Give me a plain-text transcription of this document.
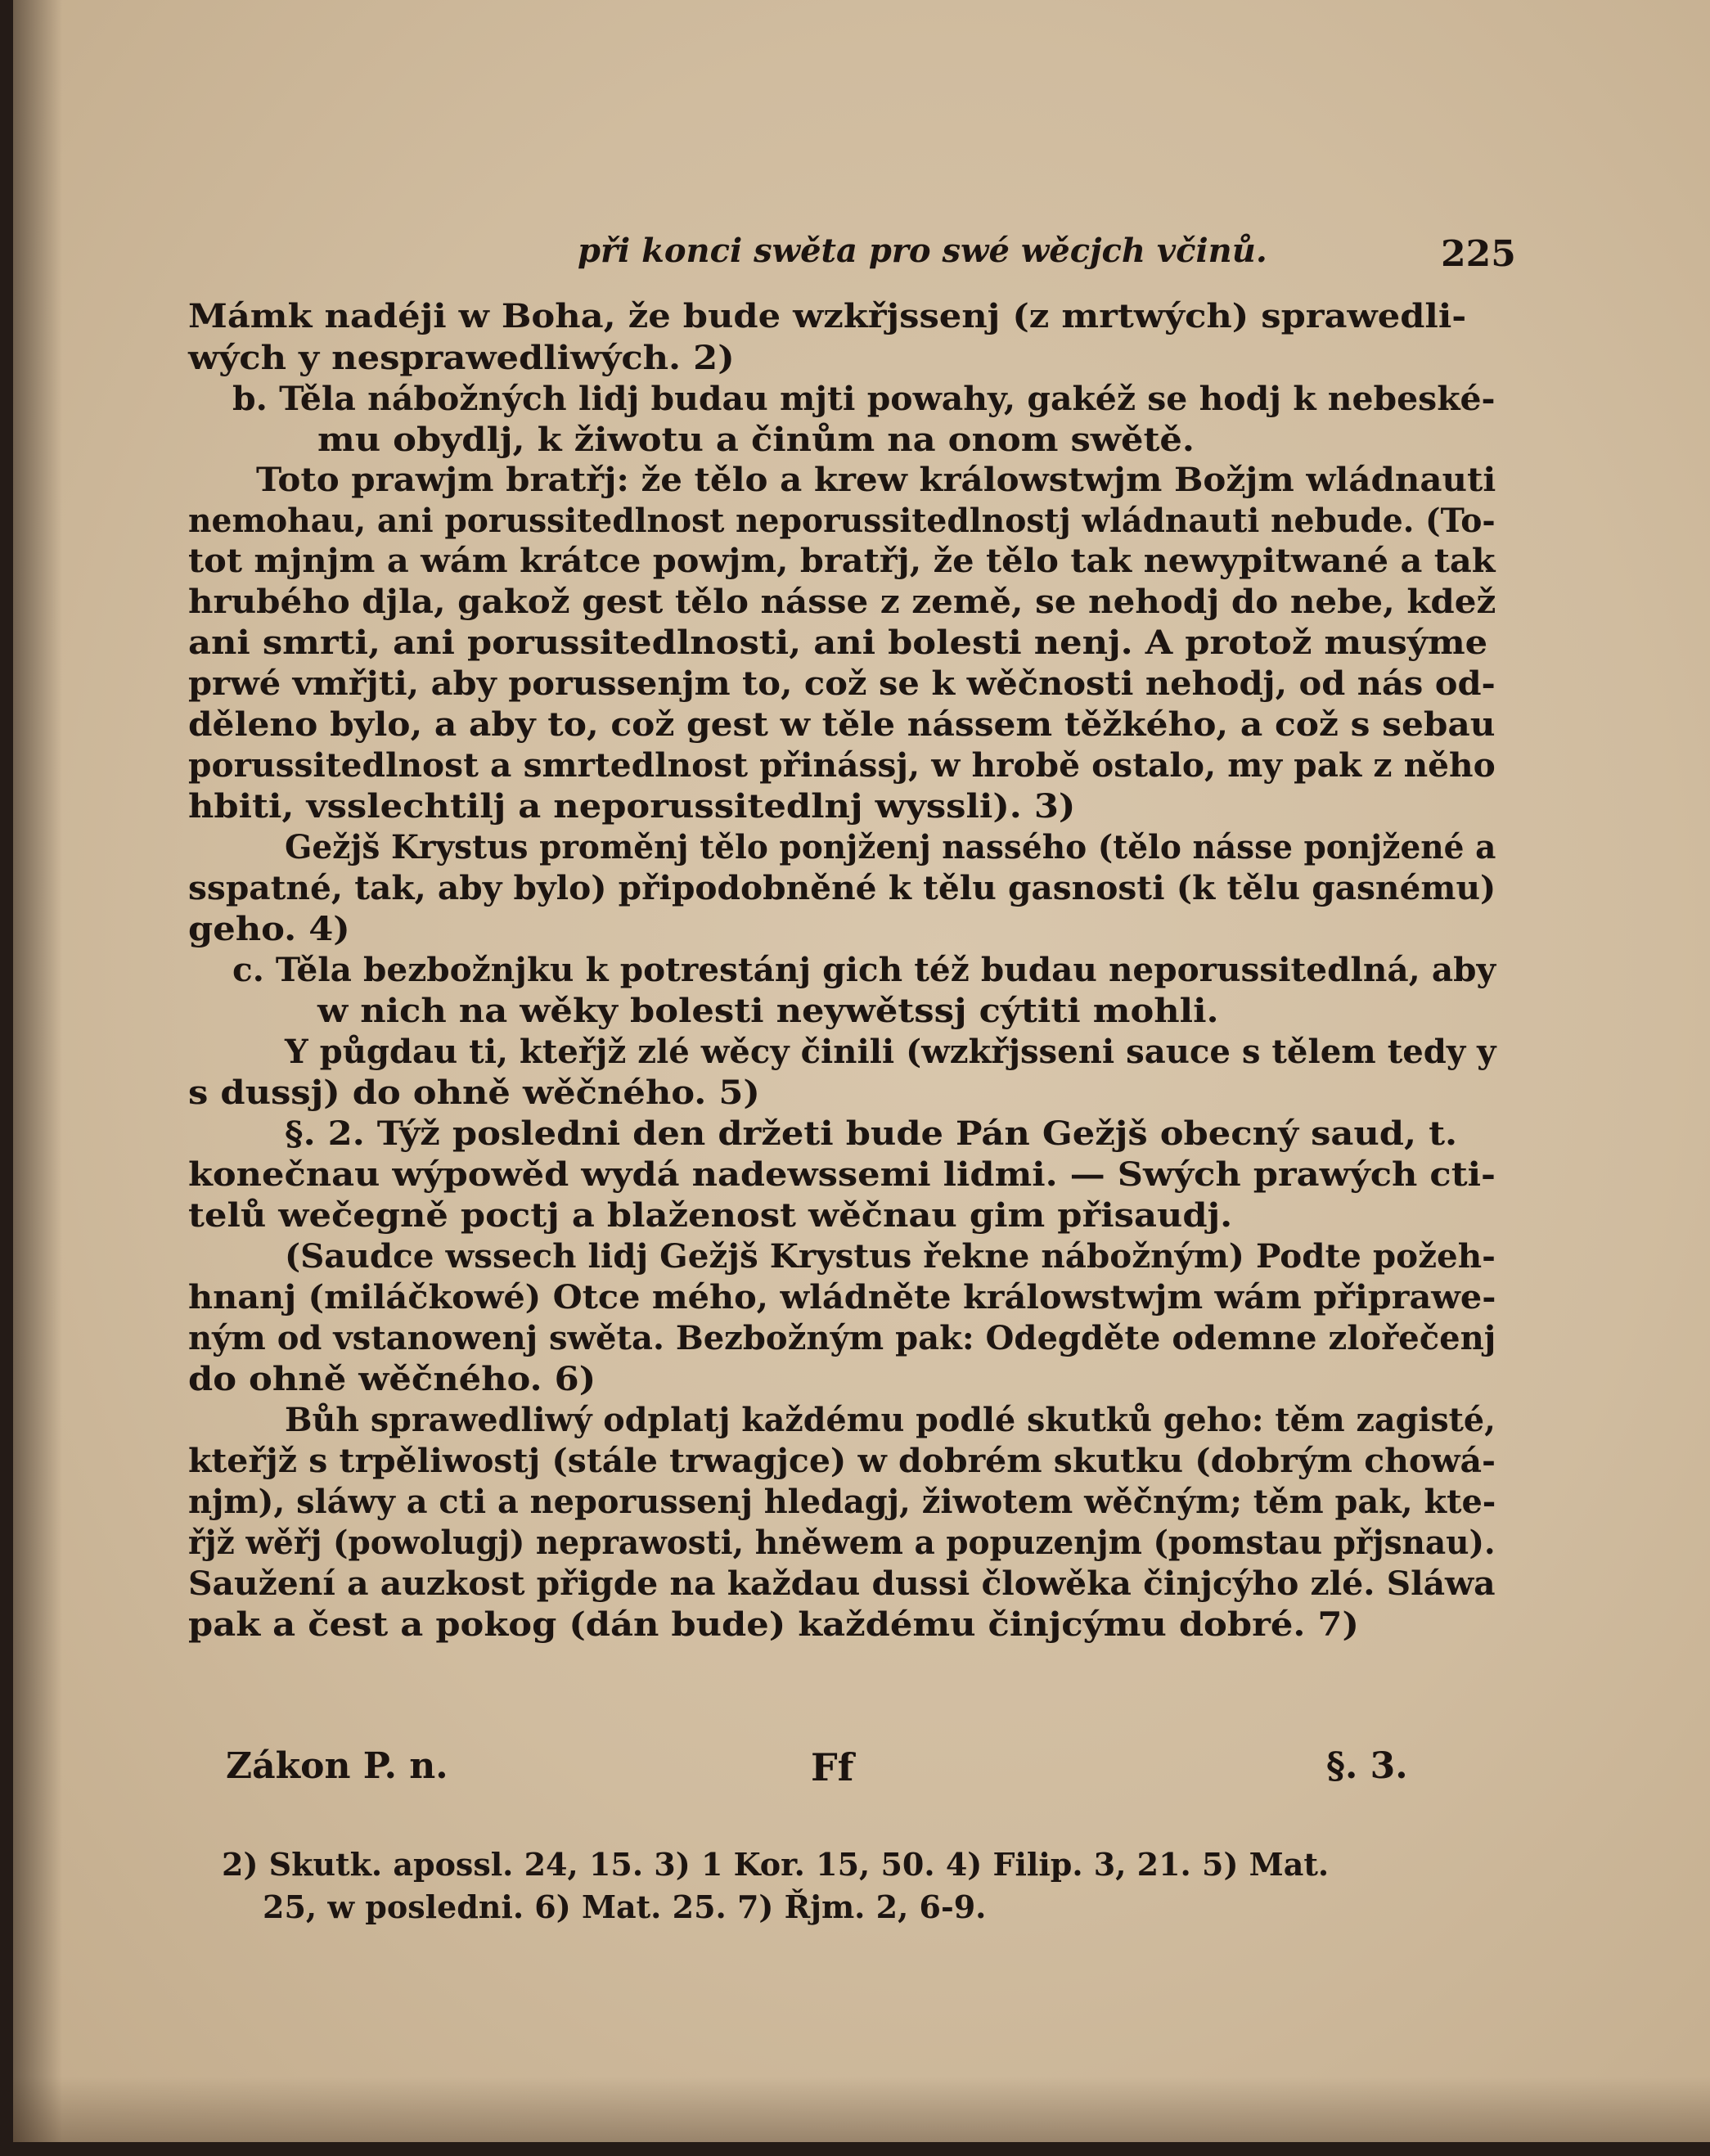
při konci swěta pro swé wěcjch včinů.	225

Mámk nadéji w Boha, že bude wzkřjssenj (z mrtwých) sprawedli-
wých y nesprawedliwých. 2)
b. Těla nábožných lidj budau mjti powahy, gakéž se hodj k nebeské-
mu obydlj, k žiwotu a činům na onom swětě.
Toto prawjm bratřj: že tělo a krew králowstwjm Božjm wládnauti
nemohau, ani porussitedlnost neporussitedlnostj wládnauti nebude. (To-
tot mjnjm a wám krátce powjm, bratřj, že tělo tak newypitwané a tak
hrubého djla, gakož gest tělo násse z země, se nehodj do nebe, kdež
ani smrti, ani porussitedlnosti, ani bolesti nenj. A protož musýme
prwé vmřjti, aby porussenjm to, což se k wěčnosti nehodj, od nás od-
děleno bylo, a aby to, což gest w těle nássem těžkého, a což s sebau
porussitedlnost a smrtedlnost přinássj, w hrobě ostalo, my pak z něho
hbiti, vsslechtilj a neporussitedlnj wyssli). 3)
Gežjš Krystus proměnj tělo ponjženj nassého (tělo násse ponjžené a
sspatné, tak, aby bylo) připodobněné k tělu gasnosti (k tělu gasnému)
geho. 4)
c. Těla bezbožnjku k potrestánj gich též budau neporussitedlná, aby
w nich na wěky bolesti neywětssj cýtiti mohli.
Y půgdau ti, kteřjž zlé wěcy činili (wzkřjsseni sauce s tělem tedy y
s dussj) do ohně wěčného. 5)
§. 2. Týž posledni den držeti bude Pán Gežjš obecný saud, t.
konečnau wýpowěd wydá nadewssemi lidmi. — Swých prawých cti-
telů wečegně poctj a blaženost wěčnau gim přisaudj.
(Saudce wssech lidj Gežjš Krystus řekne nábožným) Podte požeh-
hnanj (miláčkowé) Otce mého, wládněte králowstwjm wám připrawe-
ným od vstanowenj swěta. Bezbožným pak: Odegděte odemne zlořečenj
do ohně wěčného. 6)
Bůh sprawedliwý odplatj každému podlé skutků geho: těm zagisté,
kteřjž s trpěliwostj (stále trwagjce) w dobrém skutku (dobrým chowá-
njm), sláwy a cti a neporussenj hledagj, žiwotem wěčným; těm pak, kte-
řjž wěřj (powolugj) neprawosti, hněwem a popuzenjm (pomstau přjsnau).
Saužení a auzkost přigde na každau dussi člowěka činjcýho zlé. Sláwa
pak a čest a pokog (dán bude) každému činjcýmu dobré. 7)

Zákon P. n.	Ff	§. 3.

2) Skutk. apossl. 24, 15. 3) 1 Kor. 15, 50. 4) Filip. 3, 21. 5) Mat.
25, w posledni. 6) Mat. 25. 7) Řjm. 2, 6-9.
